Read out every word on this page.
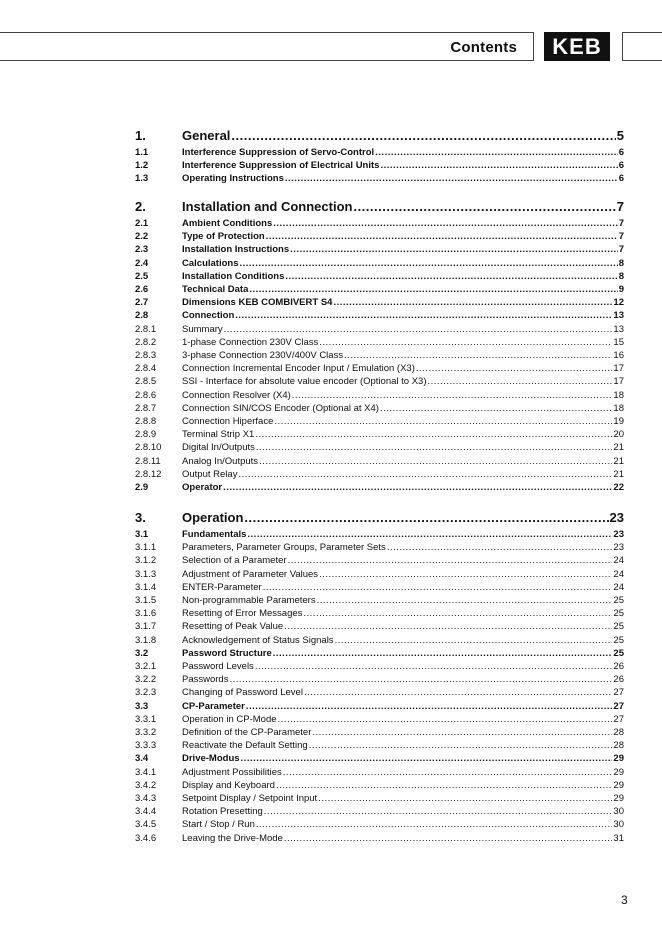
Contents KEB
1.	General .....	5
1.1	Interference Suppression of Servo-Control .....	6
1.2	Interference Suppression of Electrical Units .....	6
1.3	Operating Instructions .....	6
2.	Installation and Connection .....	7
2.1	Ambient Conditions .....	7
2.2	Type of Protection .....	7
2.3	Installation Instructions .....	7
2.4	Calculations .....	8
2.5	Installation Conditions .....	8
2.6	Technical Data .....	9
2.7	Dimensions KEB COMBIVERT S4 .....	12
2.8	Connection .....	13
2.8.1	Summary .....	13
2.8.2	1-phase Connection 230V Class .....	15
2.8.3	3-phase Connection 230V/400V Class .....	16
2.8.4	Connection Incremental Encoder Input / Emulation (X3) .....	17
2.8.5	SSI - Interface for absolute value encoder (Optional to X3) .....	17
2.8.6	Connection Resolver (X4) .....	18
2.8.7	Connection SIN/COS Encoder (Optional at X4) .....	18
2.8.8	Connection Hiperface .....	19
2.8.9	Terminal Strip X1 .....	20
2.8.10	Digital In/Outputs .....	21
2.8.11	Analog In/Outputs .....	21
2.8.12	Output Relay .....	21
2.9	Operator .....	22
3.	Operation .....	23
3.1	Fundamentals .....	23
3.1.1	Parameters, Parameter Groups, Parameter Sets .....	23
3.1.2	Selection of a Parameter .....	24
3.1.3	Adjustment of Parameter Values .....	24
3.1.4	ENTER-Parameter .....	24
3.1.5	Non-programmable Parameters .....	25
3.1.6	Resetting of Error Messages .....	25
3.1.7	Resetting of Peak Value .....	25
3.1.8	Acknowledgement of Status Signals .....	25
3.2	Password Structure .....	25
3.2.1	Password Levels .....	26
3.2.2	Passwords .....	26
3.2.3	Changing of Password Level .....	27
3.3	CP-Parameter .....	27
3.3.1	Operation in CP-Mode .....	27
3.3.2	Definition of the CP-Parameter .....	28
3.3.3	Reactivate the Default Setting .....	28
3.4	Drive-Modus .....	29
3.4.1	Adjustment Possibilities .....	29
3.4.2	Display and Keyboard .....	29
3.4.3	Setpoint Display / Setpoint Input .....	29
3.4.4	Rotation Presetting .....	30
3.4.5	Start / Stop / Run .....	30
3.4.6	Leaving the Drive-Mode .....	31
3
